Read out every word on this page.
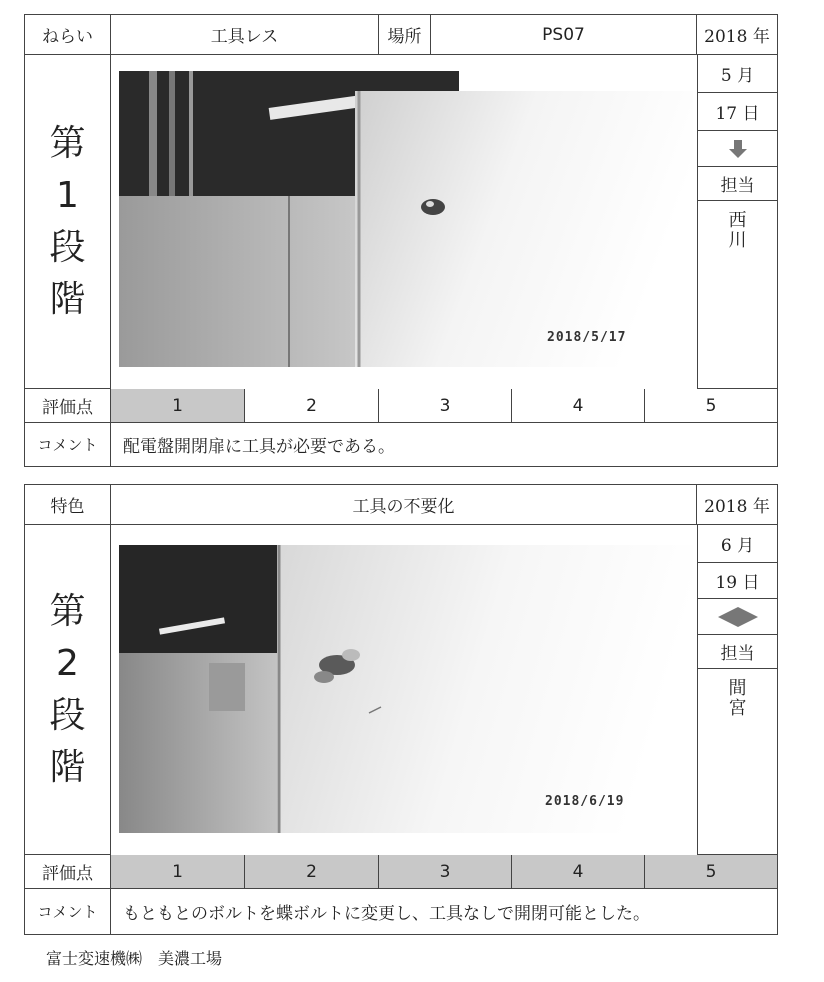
ねらい	工具レス	場所	PS07	2018 年
第
1
段
階
2018/5/17
5 月
17 日
担当
西
川
評価点	1	2	3	4	5
コメント	配電盤開閉扉に工具が必要である。
特色	工具の不要化	2018 年
第
2
段
階
2018/6/19
6 月
19 日
担当
間
宮
評価点	1	2	3	4	5
コメント	もともとのボルトを蝶ボルトに変更し、工具なしで開閉可能とした。
富士変速機㈱　美濃工場
